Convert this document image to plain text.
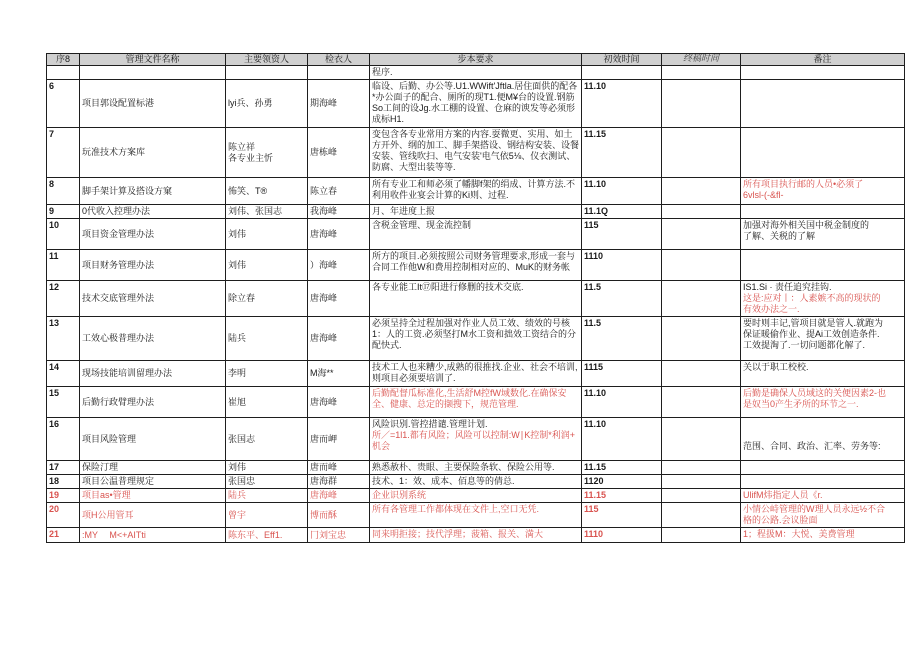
序8	管理文件名称	主要领资人	检衣人	步本要求	初效时间	终稿时间	番注

				程序.			

6	项目郭设配置标港	lyi兵、孙勇	期海峰	临设、后勤、办公等.U1.WWift'Jftla.居住面供的配各
*办公面子的配合、厕所的现T1.便M¥台的设置.钢筋
So工间的设Jg.水工棚的设置、仓麻的谀发等必须形
成标H1.	11.10		
7	玩准技术方案库	陈立祥
各专业主忻	唐栋峰	变包含各专业常用方案的内容.耍微更、实用、如土
方开外、纲的加工、脚手架搭设、钢结构安装、设餐
安装、管线吹扫、电气安装'电气依5⅛、仪衣测试、
防腐、大型出装等等.	11.15		
8	脚手架计算及搭设方窠	怖笑、T®	陈立春	所有专业工和师必须了幡脚f架的绢成、计算方法.不
利用收件业宴会计算的Ki则、过程.	11.10		所有项目执行邮的人员•必须了
6vlsl-(-&fl-

9	0代收入控理办法	刘伟、张国志	我海峰	月、年进度上报	11.1Q		
10	项目资金管理办法	刘伟	唐海峰	含税金管理、现金流控制	115		加强对海外相关国中税金制度的
了解、关税的了解

11	项目财务管理办法	刘伟	）海峰	所方的项目.必须按照公司财务管理要求,形成一套与
合同工作他W和费用控制相对应的、MuK的财务帐	1110		
12	技术交底管理外法	除立春	唐海峰	各专业能工It⑰阳进行修删的技术交底.	11.5		IS1.Si · 责任追究挂钩.
这是:应对丨：人素嫉不高的现状的
有效办法之一.

13	工效心极普理办法	陆兵	唐海峰	必须呈持全过程加强对作业人员工效、绩效的号核
1：人的工资.必须坚打M水工资和拙效工资结合的分
配快式.	11.5		要时则丰记,管项目就是管人.就跑为
保证暖偷作业、提Ai工效创造条件.
工效提淘了.一切问题都化解了.

14	现场技能培训留理办法	李明	M海**	技术工人也来糟少,成熟的很推找.企业、社会不培训,
则项目必须要培训了.	1115		关以于职工校校.

15	后勤行政臂理办法	崔旭	唐海峰	后勤配督瓜标准化,生活舒M控fW域数化.在确保安
全、健康、总定的撷搜下，规范管理.	11.10		后勤是确保人员域这的关便因素2-也
是奴当0产生矛所的环节之一.

16	项目风险管理	张国志	唐而岬	风险识别.管控措谴.管理计划.
所／=1l1.都有风险；风险可以控制:W∣K控制*利润+
机会	11.10		范围、合同、政治、汇率、劳务等:

17	保险汀理	刘伟	唐而峰	熟悉赦朴、贵眼、主要保险条软、保险公用等.	11.15		
18	项目公温普理规定	张国忠	唐海群	技术、1：效、成本、佰息等的倩总.	1120		
19	项目as•管理	陆兵	唐海峰	企业识别系统	11.15		UlifM炜指定人员《r.

20	项H公用管耳	曾宇	博而酥	所有各管理工作都体现在文件上,空口无凭.	115		小情公峙管理的W理人员永远½不合
格的公路.会议脸面

21	:MY　 M<+AITti	陈东平、Eff1.	冂刘宝忠	同来明拒接；技代浮理；菠箱、报关、満大	1110		1；程扱M：大悦、美费管理
